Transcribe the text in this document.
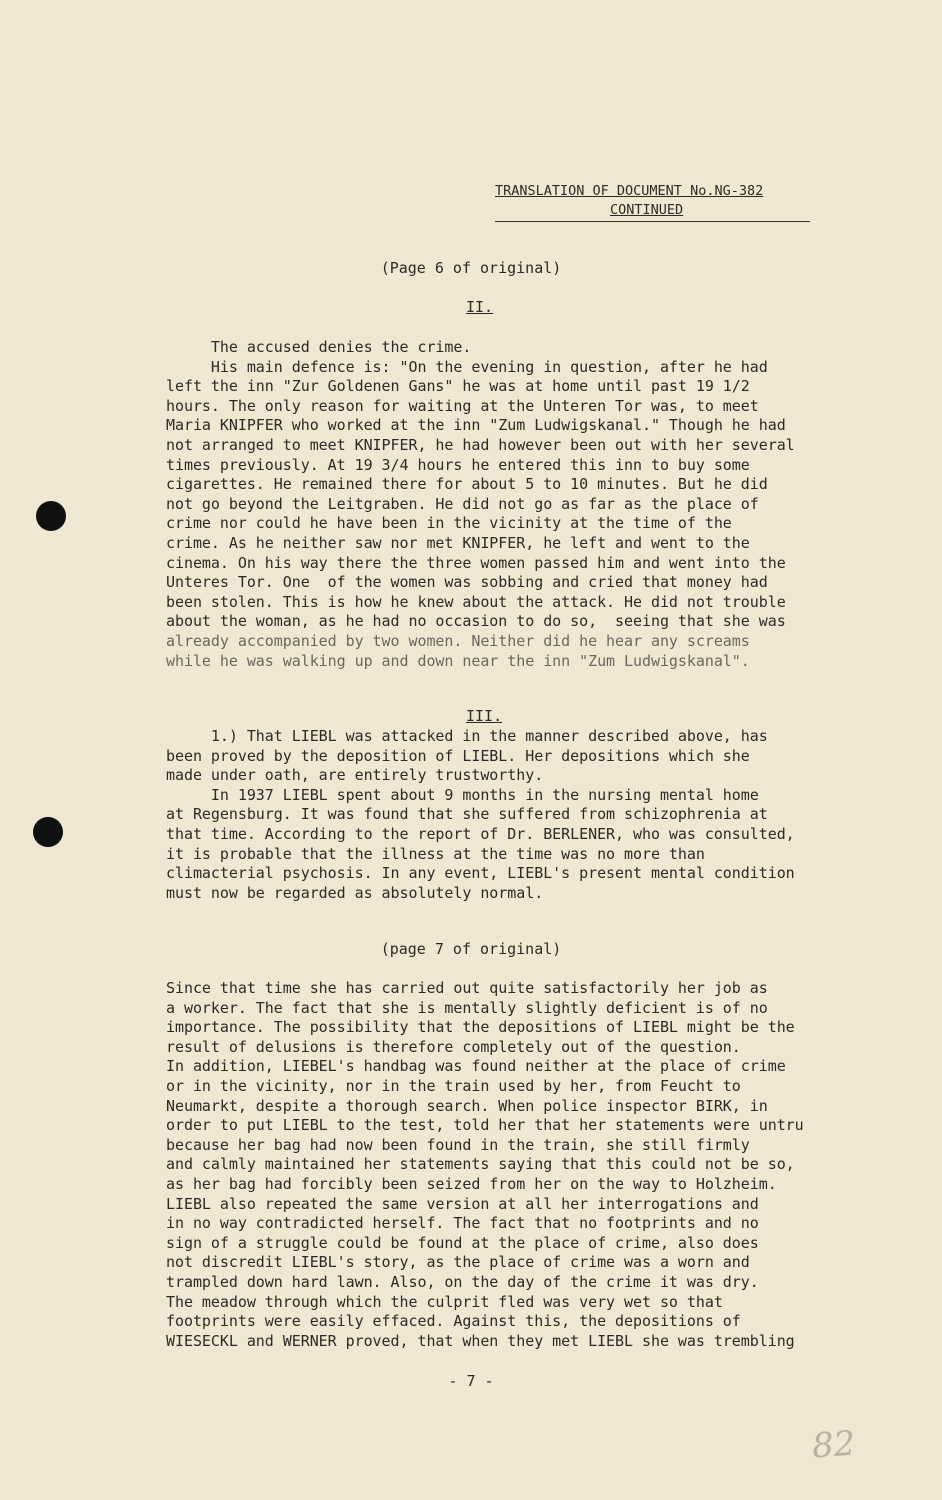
TRANSLATION OF DOCUMENT No.NG-382
CONTINUED
(Page 6 of original)
II.
The accused denies the crime.
His main defence is: "On the evening in question, after he had
left the inn "Zur Goldenen Gans" he was at home until past 19 1/2
hours. The only reason for waiting at the Unteren Tor was, to meet
Maria KNIPFER who worked at the inn "Zum Ludwigskanal." Though he had
not arranged to meet KNIPFER, he had however been out with her several
times previously. At 19 3/4 hours he entered this inn to buy some
cigarettes. He remained there for about 5 to 10 minutes. But he did
not go beyond the Leitgraben. He did not go as far as the place of
crime nor could he have been in the vicinity at the time of the
crime. As he neither saw nor met KNIPFER, he left and went to the
cinema. On his way there the three women passed him and went into the
Unteres Tor. One  of the women was sobbing and cried that money had
been stolen. This is how he knew about the attack. He did not trouble
about the woman, as he had no occasion to do so,  seeing that she was
already accompanied by two women. Neither did he hear any screams
while he was walking up and down near the inn "Zum Ludwigskanal".
III.
1.) That LIEBL was attacked in the manner described above, has
been proved by the deposition of LIEBL. Her depositions which she
made under oath, are entirely trustworthy.
In 1937 LIEBL spent about 9 months in the nursing mental home
at Regensburg. It was found that she suffered from schizophrenia at
that time. According to the report of Dr. BERLENER, who was consulted,
it is probable that the illness at the time was no more than
climacterial psychosis. In any event, LIEBL's present mental condition
must now be regarded as absolutely normal.
(page 7 of original)
Since that time she has carried out quite satisfactorily her job as
a worker. The fact that she is mentally slightly deficient is of no
importance. The possibility that the depositions of LIEBL might be the
result of delusions is therefore completely out of the question.
In addition, LIEBEL's handbag was found neither at the place of crime
or in the vicinity, nor in the train used by her, from Feucht to
Neumarkt, despite a thorough search. When police inspector BIRK, in
order to put LIEBL to the test, told her that her statements were untru
because her bag had now been found in the train, she still firmly
and calmly maintained her statements saying that this could not be so,
as her bag had forcibly been seized from her on the way to Holzheim.
LIEBL also repeated the same version at all her interrogations and
in no way contradicted herself. The fact that no footprints and no
sign of a struggle could be found at the place of crime, also does
not discredit LIEBL's story, as the place of crime was a worn and
trampled down hard lawn. Also, on the day of the crime it was dry.
The meadow through which the culprit fled was very wet so that
footprints were easily effaced. Against this, the depositions of
WIESECKL and WERNER proved, that when they met LIEBL she was trembling
- 7 -
82
